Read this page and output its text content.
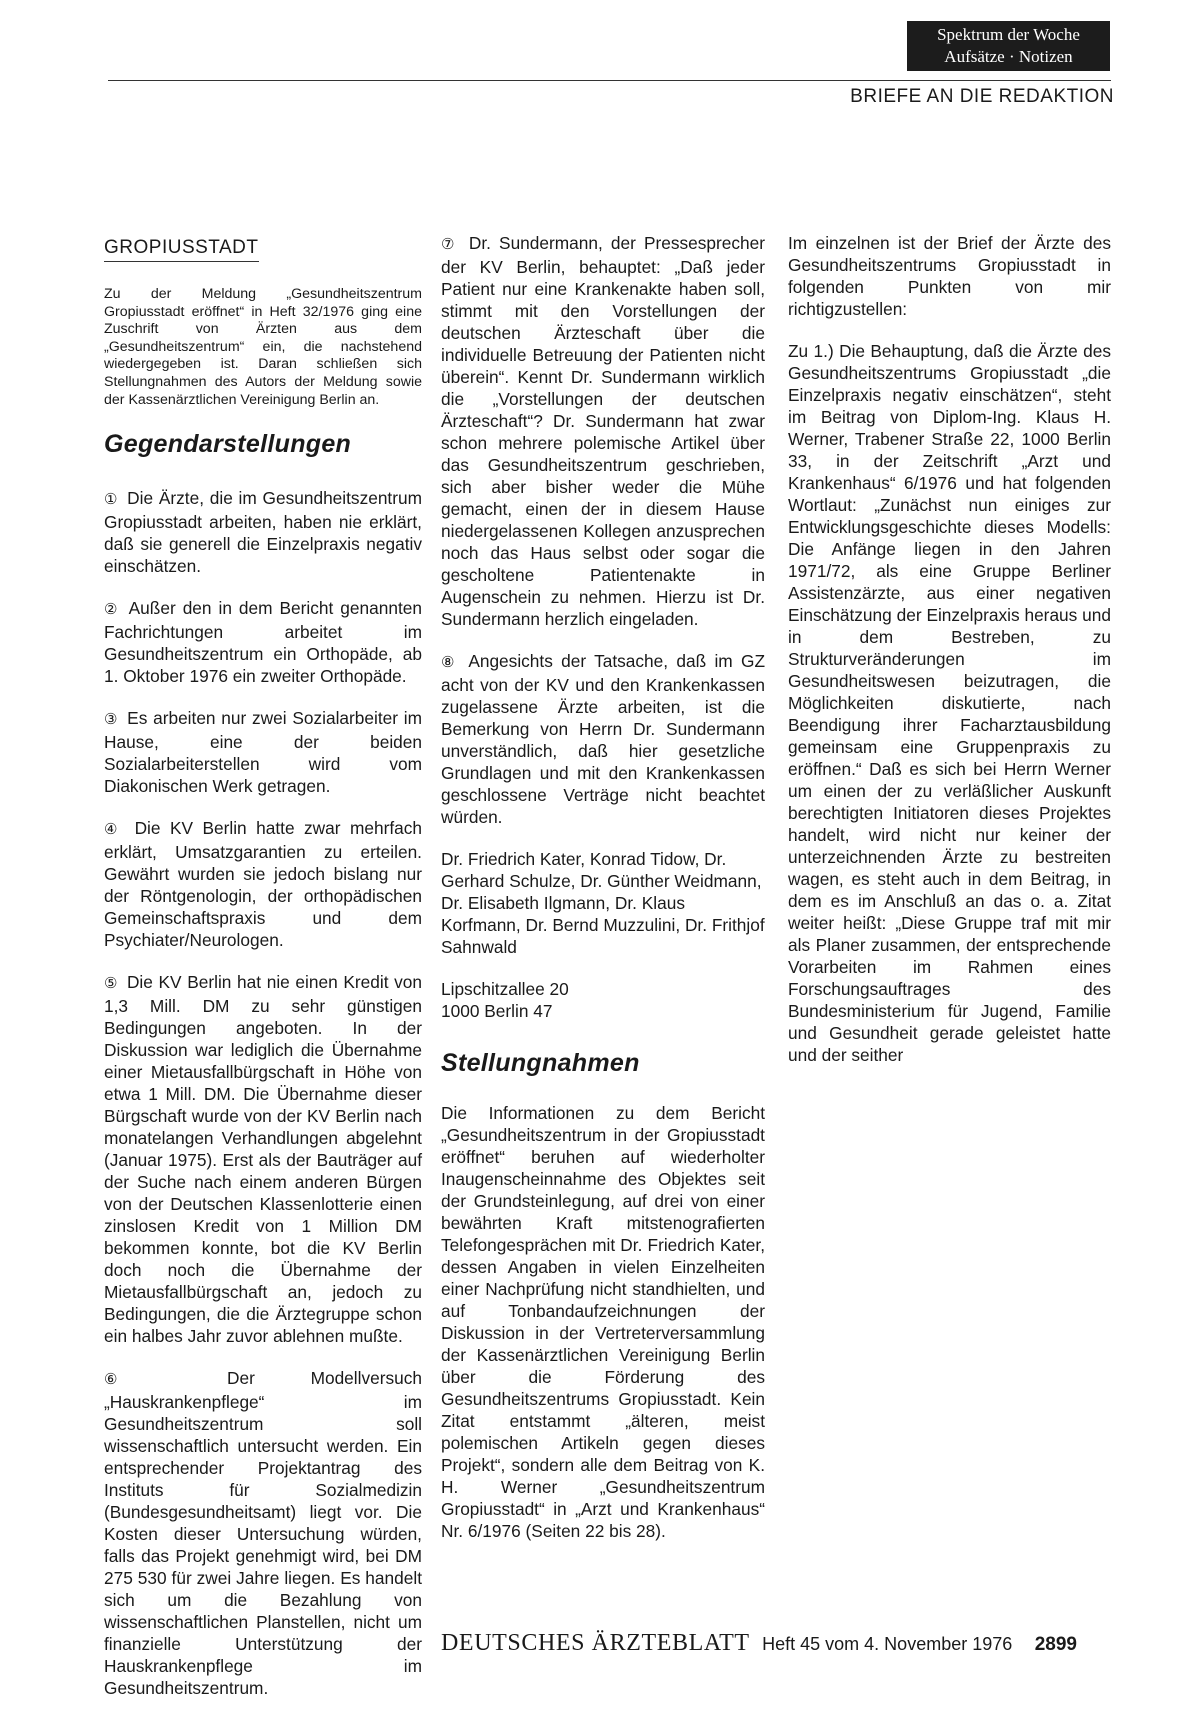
Spektrum der Woche
Aufsätze · Notizen
BRIEFE AN DIE REDAKTION
GROPIUSSTADT

Zu der Meldung „Gesundheitszentrum Gropiusstadt eröffnet“ in Heft 32/1976 ging eine Zuschrift von Ärzten aus dem „Gesundheitszentrum“ ein, die nachstehend wiedergegeben ist. Daran schließen sich Stellungnahmen des Autors der Meldung sowie der Kassenärztlichen Vereinigung Berlin an.

Gegendarstellungen

① Die Ärzte, die im Gesundheitszentrum Gropiusstadt arbeiten, haben nie erklärt, daß sie generell die Einzelpraxis negativ einschätzen.

② Außer den in dem Bericht genannten Fachrichtungen arbeitet im Gesundheitszentrum ein Orthopäde, ab 1. Oktober 1976 ein zweiter Orthopäde.

③ Es arbeiten nur zwei Sozialarbeiter im Hause, eine der beiden Sozialarbeiterstellen wird vom Diakonischen Werk getragen.

④ Die KV Berlin hatte zwar mehrfach erklärt, Umsatzgarantien zu erteilen. Gewährt wurden sie jedoch bislang nur der Röntgenologin, der orthopädischen Gemeinschaftspraxis und dem Psychiater/Neurologen.

⑤ Die KV Berlin hat nie einen Kredit von 1,3 Mill. DM zu sehr günstigen Bedingungen angeboten. In der Diskussion war lediglich die Übernahme einer Mietausfallbürgschaft in Höhe von etwa 1 Mill. DM. Die Übernahme dieser Bürgschaft wurde von der KV Berlin nach monatelangen Verhandlungen abgelehnt (Januar 1975). Erst als der Bauträger auf der Suche nach einem anderen Bürgen von der Deutschen Klassenlotterie einen zinslosen Kredit von 1 Million DM bekommen konnte, bot die KV Berlin doch noch die Übernahme der Mietausfallbürgschaft an, jedoch zu Bedingungen, die die Ärztegruppe schon ein halbes Jahr zuvor ablehnen mußte.

⑥	Der Modellversuch „Hauskrankenpflege“ im Gesundheitszentrum soll wissenschaftlich untersucht werden. Ein entsprechender Projektantrag des Instituts für Sozialmedizin (Bundesgesundheitsamt) liegt vor. Die Kosten dieser Untersuchung würden, falls das Projekt genehmigt wird, bei DM 275 530 für zwei Jahre liegen. Es handelt sich um die Bezahlung von wissenschaftlichen Planstellen, nicht um finanzielle Unterstützung der Hauskrankenpflege im Gesundheitszentrum.

⑦ Dr. Sundermann, der Pressesprecher der KV Berlin, behauptet: „Daß jeder Patient nur eine Krankenakte haben soll, stimmt mit den Vorstellungen der deutschen Ärzteschaft über die individuelle Betreuung der Patienten nicht überein“. Kennt Dr. Sundermann wirklich die „Vorstellungen der deutschen Ärzteschaft“? Dr. Sundermann hat zwar schon mehrere polemische Artikel über das Gesundheitszentrum geschrieben, sich aber bisher weder die Mühe gemacht, einen der in diesem Hause niedergelassenen Kollegen anzusprechen noch das Haus selbst oder sogar die gescholtene Patientenakte in Augenschein zu nehmen. Hierzu ist Dr. Sundermann herzlich eingeladen.

⑧ Angesichts der Tatsache, daß im GZ acht von der KV und den Krankenkassen zugelassene Ärzte arbeiten, ist die Bemerkung von Herrn Dr. Sundermann unverständlich, daß hier gesetzliche Grundlagen und mit den Krankenkassen geschlossene Verträge nicht beachtet würden.

Dr. Friedrich Kater, Konrad Tidow, Dr. Gerhard Schulze, Dr. Günther Weidmann, Dr. Elisabeth Ilgmann, Dr. Klaus Korfmann, Dr. Bernd Muzzulini, Dr. Frithjof Sahnwald

Lipschitzallee 20
1000 Berlin 47

Stellungnahmen

Die Informationen zu dem Bericht „Gesundheitszentrum in der Gropiusstadt eröffnet“ beruhen auf wiederholter Inaugenscheinnahme des Objektes seit der Grundsteinlegung, auf drei von einer bewährten Kraft mitstenografierten Telefongesprächen mit Dr. Friedrich Kater, dessen Angaben in vielen Einzelheiten einer Nachprüfung nicht standhielten, und auf Tonbandaufzeichnungen der Diskussion in der Vertreterversammlung der Kassenärztlichen Vereinigung Berlin über die Förderung des Gesundheitszentrums Gropiusstadt. Kein Zitat entstammt „älteren, meist polemischen Artikeln gegen dieses Projekt“, sondern alle dem Beitrag von K. H. Werner „Gesundheitszentrum Gropiusstadt“ in „Arzt und Krankenhaus“ Nr. 6/1976 (Seiten 22 bis 28).

Im einzelnen ist der Brief der Ärzte des Gesundheitszentrums Gropiusstadt in folgenden Punkten von mir richtigzustellen:

Zu 1.) Die Behauptung, daß die Ärzte des Gesundheitszentrums Gropiusstadt „die Einzelpraxis negativ einschätzen“, steht im Beitrag von Diplom-Ing. Klaus H. Werner, Trabener Straße 22, 1000 Berlin 33, in der Zeitschrift „Arzt und Krankenhaus“ 6/1976 und hat folgenden Wortlaut: „Zunächst nun einiges zur Entwicklungsgeschichte dieses Modells: Die Anfänge liegen in den Jahren 1971/72, als eine Gruppe Berliner Assistenzärzte, aus einer negativen Einschätzung der Einzelpraxis heraus und in dem Bestreben, zu Strukturveränderungen im Gesundheitswesen beizutragen, die Möglichkeiten diskutierte, nach Beendigung ihrer Facharztausbildung gemeinsam eine Gruppenpraxis zu eröffnen.“ Daß es sich bei Herrn Werner um einen der zu verläßlicher Auskunft berechtigten Initiatoren dieses Projektes handelt, wird nicht nur keiner der unterzeichnenden Ärzte zu bestreiten wagen, es steht auch in dem Beitrag, in dem es im Anschluß an das o. a. Zitat weiter heißt: „Diese Gruppe traf mit mir als Planer zusammen, der entsprechende Vorarbeiten im Rahmen eines Forschungsauftrages des Bundesministerium für Jugend, Familie und Gesundheit gerade geleistet hatte und der seither

DEUTSCHES ÄRZTEBLATT Heft 45 vom 4. November 1976 2899
